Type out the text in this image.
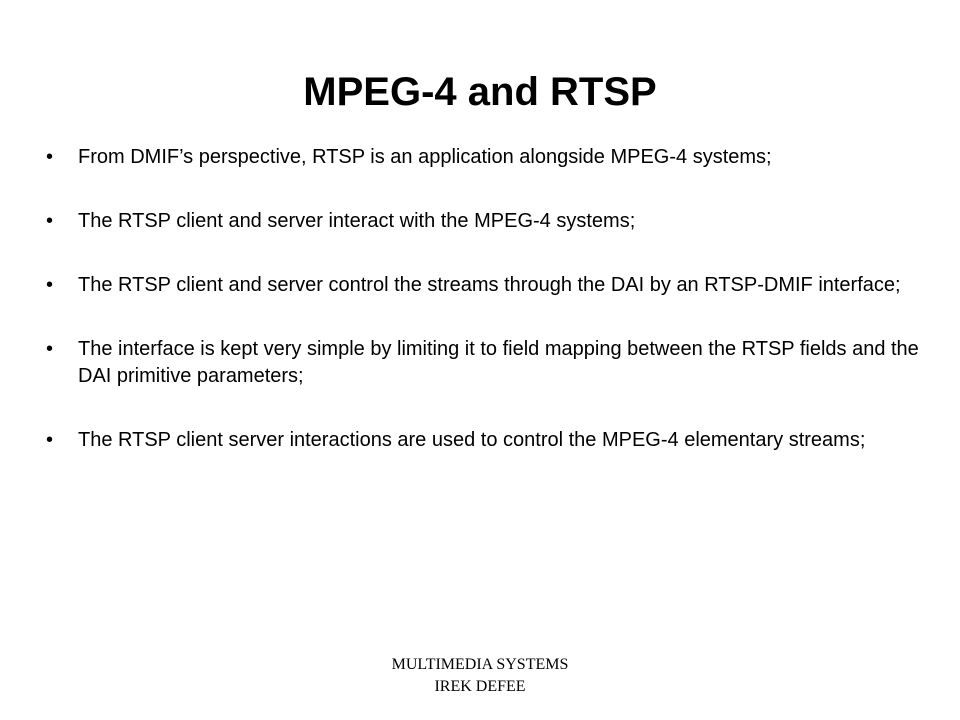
MPEG-4 and RTSP
• From DMIF’s perspective, RTSP is an application alongside MPEG-4 systems;
• The RTSP client and server interact with the MPEG-4 systems;
• The RTSP client and server control the streams through the DAI by an RTSP-DMIF interface;
• The interface is kept very simple by limiting it to field mapping between the RTSP fields and the DAI primitive parameters;
• The RTSP client server interactions are used to control the MPEG-4 elementary streams;
MULTIMEDIA SYSTEMS
IREK DEFEE
